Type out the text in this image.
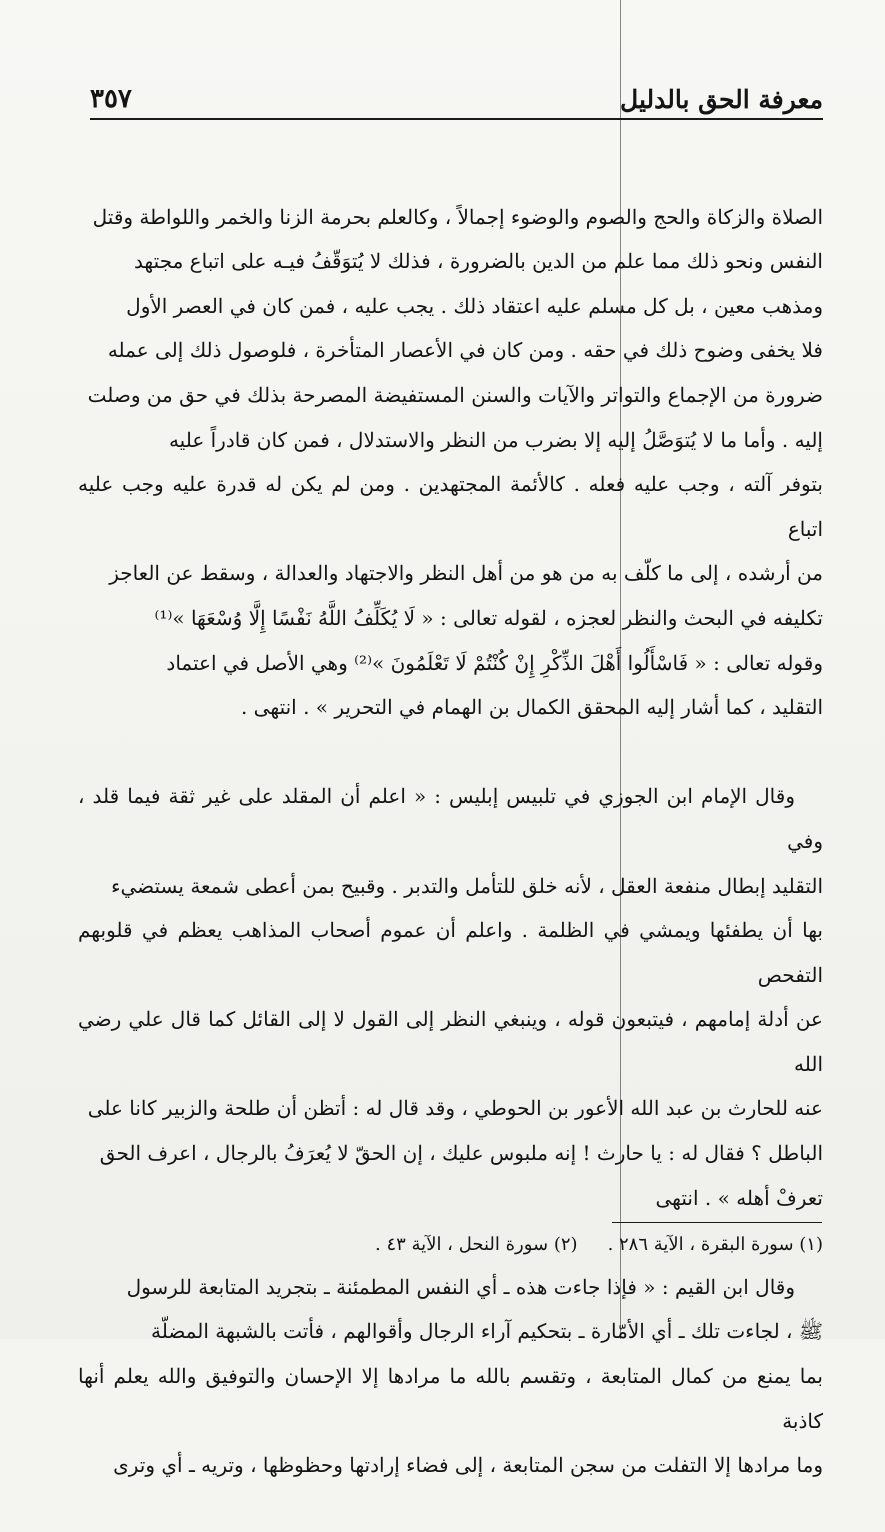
معرفة الحق بالدليل
٣٥٧

الصلاة والزكاة والحج والصوم والوضوء إجمالاً ، وكالعلم بحرمة الزنا والخمر واللواطة وقتل
النفس ونحو ذلك مما علم من الدين بالضرورة ، فذلك لا يُتوَقّفُ فيـه على اتباع مجتهد
ومذهب معين ، بل كل مسلم عليه اعتقاد ذلك . يجب عليه ، فمن كان في العصر الأول
فلا يخفى وضوح ذلك في حقه . ومن كان في الأعصار المتأخرة ، فلوصول ذلك إلى عمله
ضرورة من الإجماع والتواتر والآيات والسنن المستفيضة المصرحة بذلك في حق من وصلت
إليه . وأما ما لا يُتوَصَّلُ إليه إلا بضرب من النظر والاستدلال ، فمن كان قادراً عليه
بتوفر آلته ، وجب عليه فعله . كالأئمة المجتهدين . ومن لم يكن له قدرة عليه وجب عليه اتباع
من أرشده ، إلى ما كلّف به من هو من أهل النظر والاجتهاد والعدالة ، وسقط عن العاجز
تكليفه في البحث والنظر لعجزه ، لقوله تعالى : « لَا يُكَلِّفُ اللَّهُ نَفْسًا إِلَّا وُسْعَهَا »⁽¹⁾
وقوله تعالى : « فَاسْأَلُوا أَهْلَ الذِّكْرِ إِنْ كُنْتُمْ لَا تَعْلَمُونَ »⁽²⁾ وهي الأصل في اعتماد
التقليد ، كما أشار إليه المحقق الكمال بن الهمام في التحرير » . انتهى .

وقال الإمام ابن الجوزي في تلبيس إبليس : « اعلم أن المقلد على غير ثقة فيما قلد ، وفي
التقليد إبطال منفعة العقل ، لأنه خلق للتأمل والتدبر . وقبيح بمن أعطى شمعة يستضيء
بها أن يطفئها ويمشي في الظلمة . واعلم أن عموم أصحاب المذاهب يعظم في قلوبهم التفحص
عن أدلة إمامهم ، فيتبعون قوله ، وينبغي النظر إلى القول لا إلى القائل كما قال علي رضي الله
عنه للحارث بن عبد الله الأعور بن الحوطي ، وقد قال له : أتظن أن طلحة والزبير كانا على
الباطل ؟ فقال له : يا حارث ! إنه ملبوس عليك ، إن الحقّ لا يُعرَفُ بالرجال ، اعرف الحق
تعرفْ أهله » . انتهى

وقال ابن القيم : « فإذا جاءت هذه ـ أي النفس المطمئنة ـ بتجريد المتابعة للرسول
ﷺ ، لجاءت تلك ـ أي الأمّارة ـ بتحكيم آراء الرجال وأقوالهم ، فأتت بالشبهة المضلّة
بما يمنع من كمال المتابعة ، وتقسم بالله ما مرادها إلا الإحسان والتوفيق والله يعلم أنها كاذبة
وما مرادها إلا التفلت من سجن المتابعة ، إلى فضاء إرادتها وحظوظها ، وتريه ـ أي وترى

(١) سورة البقرة ، الآية ٢٨٦ .
(٢) سورة النحل ، الآية ٤٣ .
